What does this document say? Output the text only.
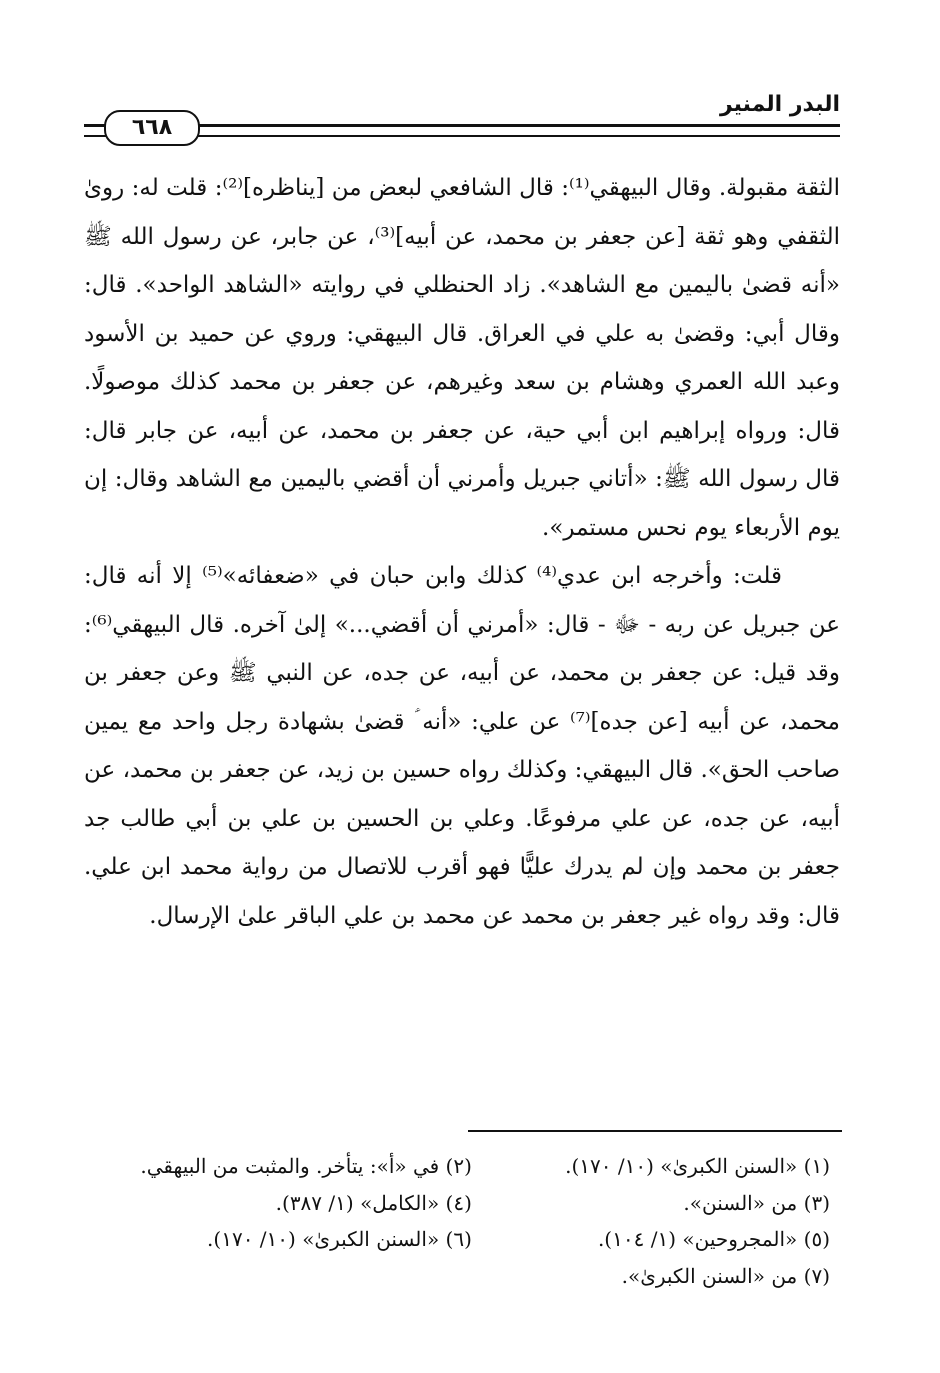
البدر المنير
٦٦٨

الثقة مقبولة. وقال البيهقي⁽¹⁾: قال الشافعي لبعض من [يناظره]⁽²⁾: قلت له: رویٰ الثقفي وهو ثقة [عن جعفر بن محمد، عن أبيه]⁽³⁾، عن جابر، عن رسول الله ﷺ «أنه قضیٰ باليمين مع الشاهد». زاد الحنظلي في روايته «الشاهد الواحد». قال: وقال أبي: وقضیٰ به علي في العراق. قال البيهقي: وروي عن حميد بن الأسود وعبد الله العمري وهشام بن سعد وغيرهم، عن جعفر بن محمد كذلك موصولًا. قال: ورواه إبراهيم ابن أبي حية، عن جعفر بن محمد، عن أبيه، عن جابر قال: قال رسول الله ﷺ: «أتاني جبريل وأمرني أن أقضي باليمين مع الشاهد وقال: إن يوم الأربعاء يوم نحس مستمر».

قلت: وأخرجه ابن عدي⁽⁴⁾ كذلك وابن حبان في «ضعفائه»⁽⁵⁾ إلا أنه قال: عن جبريل عن ربه - ﷻ - قال: «أمرني أن أقضي...» إلیٰ آخره. قال البيهقي⁽⁶⁾: وقد قيل: عن جعفر بن محمد، عن أبيه، عن جده، عن النبي ﷺ وعن جعفر بن محمد، عن أبيه [عن جده]⁽⁷⁾ عن علي: «أنه ؑ قضیٰ بشهادة رجل واحد مع يمين صاحب الحق». قال البيهقي: وكذلك رواه حسين بن زيد، عن جعفر بن محمد، عن أبيه، عن جده، عن علي مرفوعًا. وعلي بن الحسين بن علي بن أبي طالب جد جعفر بن محمد وإن لم يدرك عليًّا فهو أقرب للاتصال من رواية محمد ابن علي. قال: وقد رواه غير جعفر بن محمد عن محمد بن علي الباقر علیٰ الإرسال.

(١) «السنن الكبرىٰ» (١٠/ ١٧٠).
(٢) في «أ»: يتأخر. والمثبت من البيهقي.
(٣) من «السنن».
(٤) «الكامل» (١/ ٣٨٧).
(٥) «المجروحين» (١/ ١٠٤).
(٦) «السنن الكبرىٰ» (١٠/ ١٧٠).
(٧) من «السنن الكبرىٰ».
